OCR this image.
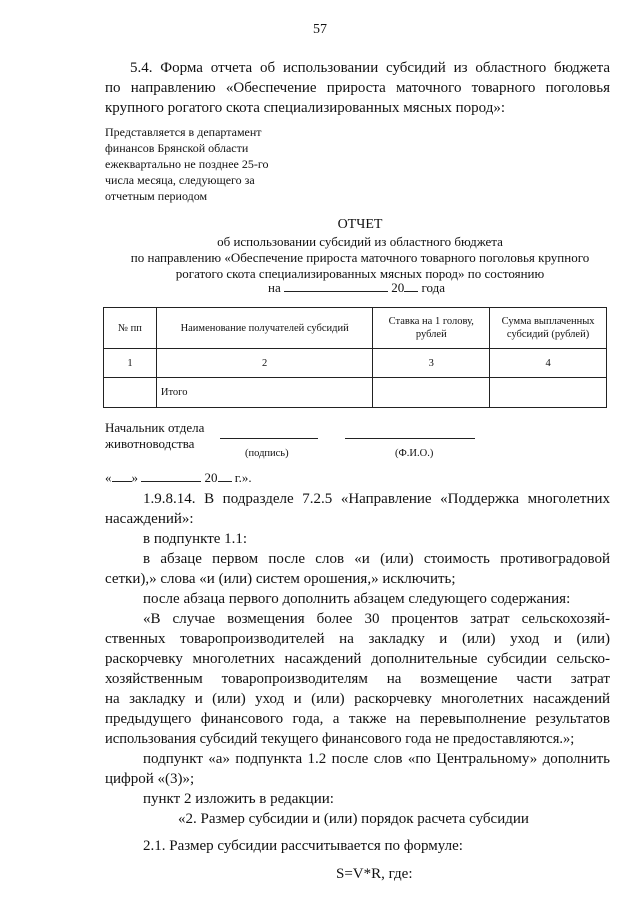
57
5.4. Форма отчета об использовании субсидий из областного бюджета
по направлению «Обеспечение прироста маточного товарного поголовья
крупного рогатого скота специализированных мясных пород»:
Представляется в департамент
финансов Брянской области
ежеквартально не позднее 25-го
числа месяца, следующего за
отчетным периодом
ОТЧЕТ
об использовании субсидий из областного бюджета
по направлению «Обеспечение прироста маточного товарного поголовья крупного
рогатого скота специализированных мясных пород» по состоянию
на	20 года
№ пп	Наименование получателей субсидий	Ставка на 1 голову, рублей	Сумма выплаченных субсидий (рублей)
1	2	3	4
	Итого		
Начальник отдела
животноводства
(подпись)	(Ф.И.О.)
« »	20 г.».
1.9.8.14. В подразделе 7.2.5 «Направление «Поддержка многолетних
насаждений»:
в подпункте 1.1:
в абзаце первом после слов «и (или) стоимость противоградовой
сетки),» слова «и (или) систем орошения,» исключить;
после абзаца первого дополнить абзацем следующего содержания:
«В случае возмещения более 30 процентов затрат сельскохозяй-
ственных товаропроизводителей на закладку и (или) уход и (или)
раскорчевку многолетних насаждений дополнительные субсидии сельско-
хозяйственным товаропроизводителям на возмещение части затрат
на закладку и (или) уход и (или) раскорчевку многолетних насаждений
предыдущего финансового года, а также на перевыполнение результатов
использования субсидий текущего финансового года не предоставляются.»;
подпункт «а» подпункта 1.2 после слов «по Центральному» дополнить
цифрой «(3)»;
пункт 2 изложить в редакции:
«2. Размер субсидии и (или) порядок расчета субсидии
2.1. Размер субсидии рассчитывается по формуле:
S=V*R, где:
